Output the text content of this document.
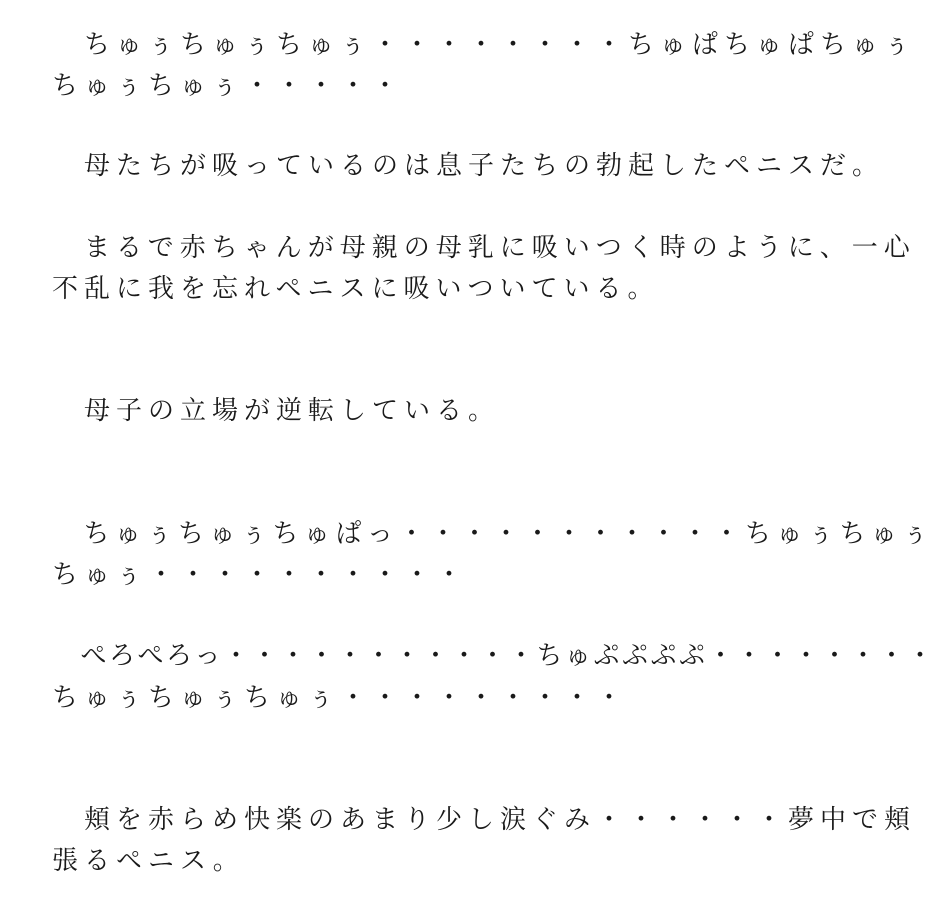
　ちゅぅちゅぅちゅぅ・・・・・・・・ちゅぱちゅぱちゅぅ
ちゅぅちゅぅ・・・・・
　母たちが吸っているのは息子たちの勃起したペニスだ。
　まるで赤ちゃんが母親の母乳に吸いつく時のように、一心
不乱に我を忘れペニスに吸いついている。
　母子の立場が逆転している。
　ちゅぅちゅぅちゅぱっ・・・・・・・・・・・ちゅぅちゅぅ
ちゅぅ・・・・・・・・・・
　ぺろぺろっ・・・・・・・・・・・ちゅぷぷぷぷ・・・・・・・・
ちゅぅちゅぅちゅぅ・・・・・・・・・
　頬を赤らめ快楽のあまり少し涙ぐみ・・・・・・夢中で頬
張るペニス。
